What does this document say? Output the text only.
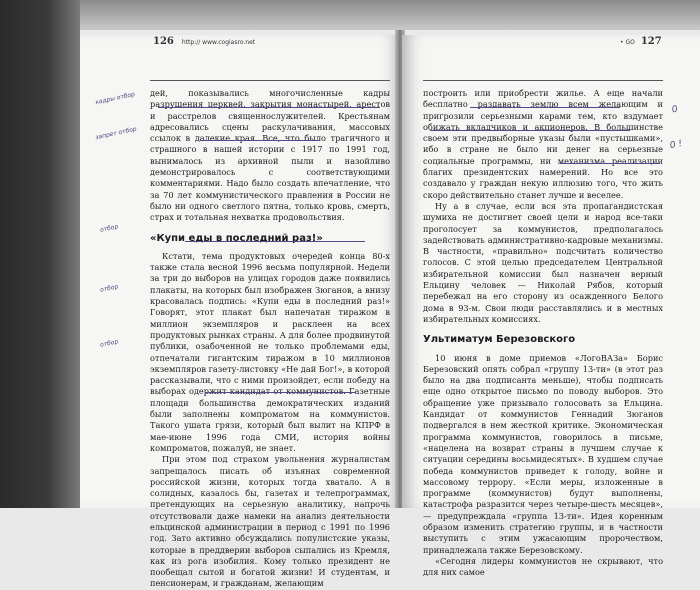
126 http:// www.cogiasro.net

дей, показывались многочисленные кадры разрушения церквей, закрытия монастырей, арестов и расстрелов священнослужителей. Крестьянам адресовались сцены раскулачивания, массовых ссылок в далекие края. Все, что было трагичного и страшного в нашей истории с 1917 по 1991 год, вынималось из архивной пыли и назойливо демонстрировалось с соответствующими комментариями. Надо было создать впечатление, что за 70 лет коммунистического правления в России не было ни одного светлого пятна, только кровь, смерть, страх и тотальная нехватка продовольствия.

«Купи еды в последний раз!»

Кстати, тема продуктовых очередей конца 80-х также стала весной 1996 весьма популярной. Недели за три до выборов на улицах городов даже появились плакаты, на которых был изображен Зюганов, а внизу красовалась подпись: «Купи еды в последний раз!» Говорят, этот плакат был напечатан тиражом в миллион экземпляров и расклеен на всех продуктовых рынках страны. А для более продвинутой публики, озабоченной не только проблемами еды, отпечатали гигантским тиражом в 10 миллионов экземпляров газету-листовку «Не дай Бог!», в которой рассказывали, что с ними произойдет, если победу на выборах одержит кандидат от коммунистов. Газетные площади большинства демократических изданий были заполнены компроматом на коммунистов. Такого ушата грязи, который был вылит на КПРФ в мае-июне 1996 года СМИ, история войны компроматов, пожалуй, не знает.

При этом под страхом увольнения журналистам запрещалось писать об изъянах современной российской жизни, которых тогда хватало. А в солидных, казалось бы, газетах и телепрограммах, претендующих на серьезную аналитику, напрочь отсутствовали даже намеки на анализ деятельности ельцинской администрации в период с 1991 по 1996 год. Зато активно обсуждались популистские указы, которые в преддверии выборов сыпались из Кремля, как из рога изобилия. Кому только президент не пообещал сытой и богатой жизни! И студентам, и пенсионерам, и гражданам, желающим

кадры отбор
запрет отбор
отбор
отбор
отбор
• GO 127

построить или приобрести жилье. А еще начали бесплатно раздавать землю всем желающим и пригрозили серьезными карами тем, кто вздумает обижать вкладчиков и акционеров. В большинстве своем эти предвыборные указы были «пустышками», ибо в стране не было ни денег на серьезные социальные программы, ни механизма реализации благих президентских намерений. Но все это создавало у граждан некую иллюзию того, что жить скоро действительно станет лучше и веселее.

Ну а в случае, если вся эта пропагандистская шумиха не достигнет своей цели и народ все-таки проголосует за коммунистов, предполагалось задействовать административно-кадровые механизмы. В частности, «правильно» подсчитать количество голосов. С этой целью председателем Центральной избирательной комиссии был назначен верный Ельцину человек — Николай Рябов, который перебежал на его сторону из осажденного Белого дома в 93-м. Свои люди расставлялись и в местных избирательных комиссиях.

Ультиматум Березовского

10 июня в доме приемов «ЛогоВАЗа» Борис Березовский опять собрал «группу 13-ти» (в этот раз было на два подписанта меньше), чтобы подписать еще одно открытое письмо по поводу выборов. Это обращение уже призывало голосовать за Ельцина. Кандидат от коммунистов Геннадий Зюганов подвергался в нем жесткой критике. Экономическая программа коммунистов, говорилось в письме, «нацелена на возврат страны в лучшем случае к ситуации середины восьмидесятых». В худшем случае победа коммунистов приведет к голоду, войне и массовому террору. «Если меры, изложенные в программе (коммунистов) будут выполнены, катастрофа разразится через четыре-шесть месяцев», — предупреждала «группа 13-ти». Идея коренным образом изменить стратегию группы, и в частности выступить с этим ужасающим пророчеством, принадлежала также Березовскому.

«Сегодня лидеры коммунистов не скрывают, что для них самое

0
0 !
